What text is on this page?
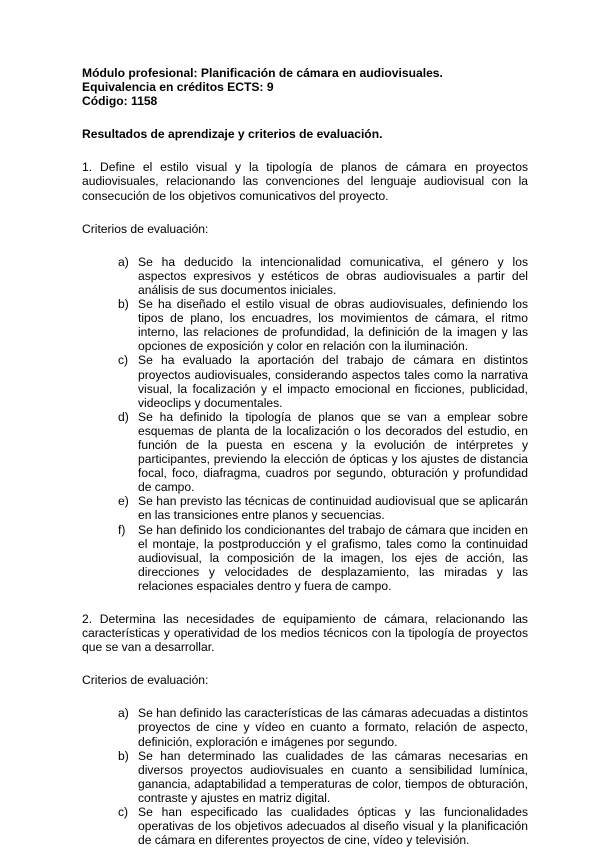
Módulo profesional: Planificación de cámara en audiovisuales.

Equivalencia en créditos ECTS: 9

Código: 1158

Resultados de aprendizaje y criterios de evaluación.

1. Define el estilo visual y la tipología de planos de cámara en proyectos audiovisuales, relacionando las convenciones del lenguaje audiovisual con la consecución de los objetivos comunicativos del proyecto.

Criterios de evaluación:

a) Se ha deducido la intencionalidad comunicativa, el género y los aspectos expresivos y estéticos de obras audiovisuales a partir del análisis de sus documentos iniciales.
b) Se ha diseñado el estilo visual de obras audiovisuales, definiendo los tipos de plano, los encuadres, los movimientos de cámara, el ritmo interno, las relaciones de profundidad, la definición de la imagen y las opciones de exposición y color en relación con la iluminación.
c) Se ha evaluado la aportación del trabajo de cámara en distintos proyectos audiovisuales, considerando aspectos tales como la narrativa visual, la focalización y el impacto emocional en ficciones, publicidad, videoclips y documentales.
d) Se ha definido la tipología de planos que se van a emplear sobre esquemas de planta de la localización o los decorados del estudio, en función de la puesta en escena y la evolución de intérpretes y participantes, previendo la elección de ópticas y los ajustes de distancia focal, foco, diafragma, cuadros por segundo, obturación y profundidad de campo.
e) Se han previsto las técnicas de continuidad audiovisual que se aplicarán en las transiciones entre planos y secuencias.
f) Se han definido los condicionantes del trabajo de cámara que inciden en el montaje, la postproducción y el grafismo, tales como la continuidad audiovisual, la composición de la imagen, los ejes de acción, las direcciones y velocidades de desplazamiento, las miradas y las relaciones espaciales dentro y fuera de campo.

2. Determina las necesidades de equipamiento de cámara, relacionando las características y operatividad de los medios técnicos con la tipología de proyectos que se van a desarrollar.

Criterios de evaluación:

a) Se han definido las características de las cámaras adecuadas a distintos proyectos de cine y vídeo en cuanto a formato, relación de aspecto, definición, exploración e imágenes por segundo.
b) Se han determinado las cualidades de las cámaras necesarias en diversos proyectos audiovisuales en cuanto a sensibilidad lumínica, ganancia, adaptabilidad a temperaturas de color, tiempos de obturación, contraste y ajustes en matriz digital.
c) Se han especificado las cualidades ópticas y las funcionalidades operativas de los objetivos adecuados al diseño visual y la planificación de cámara en diferentes proyectos de cine, vídeo y televisión.
